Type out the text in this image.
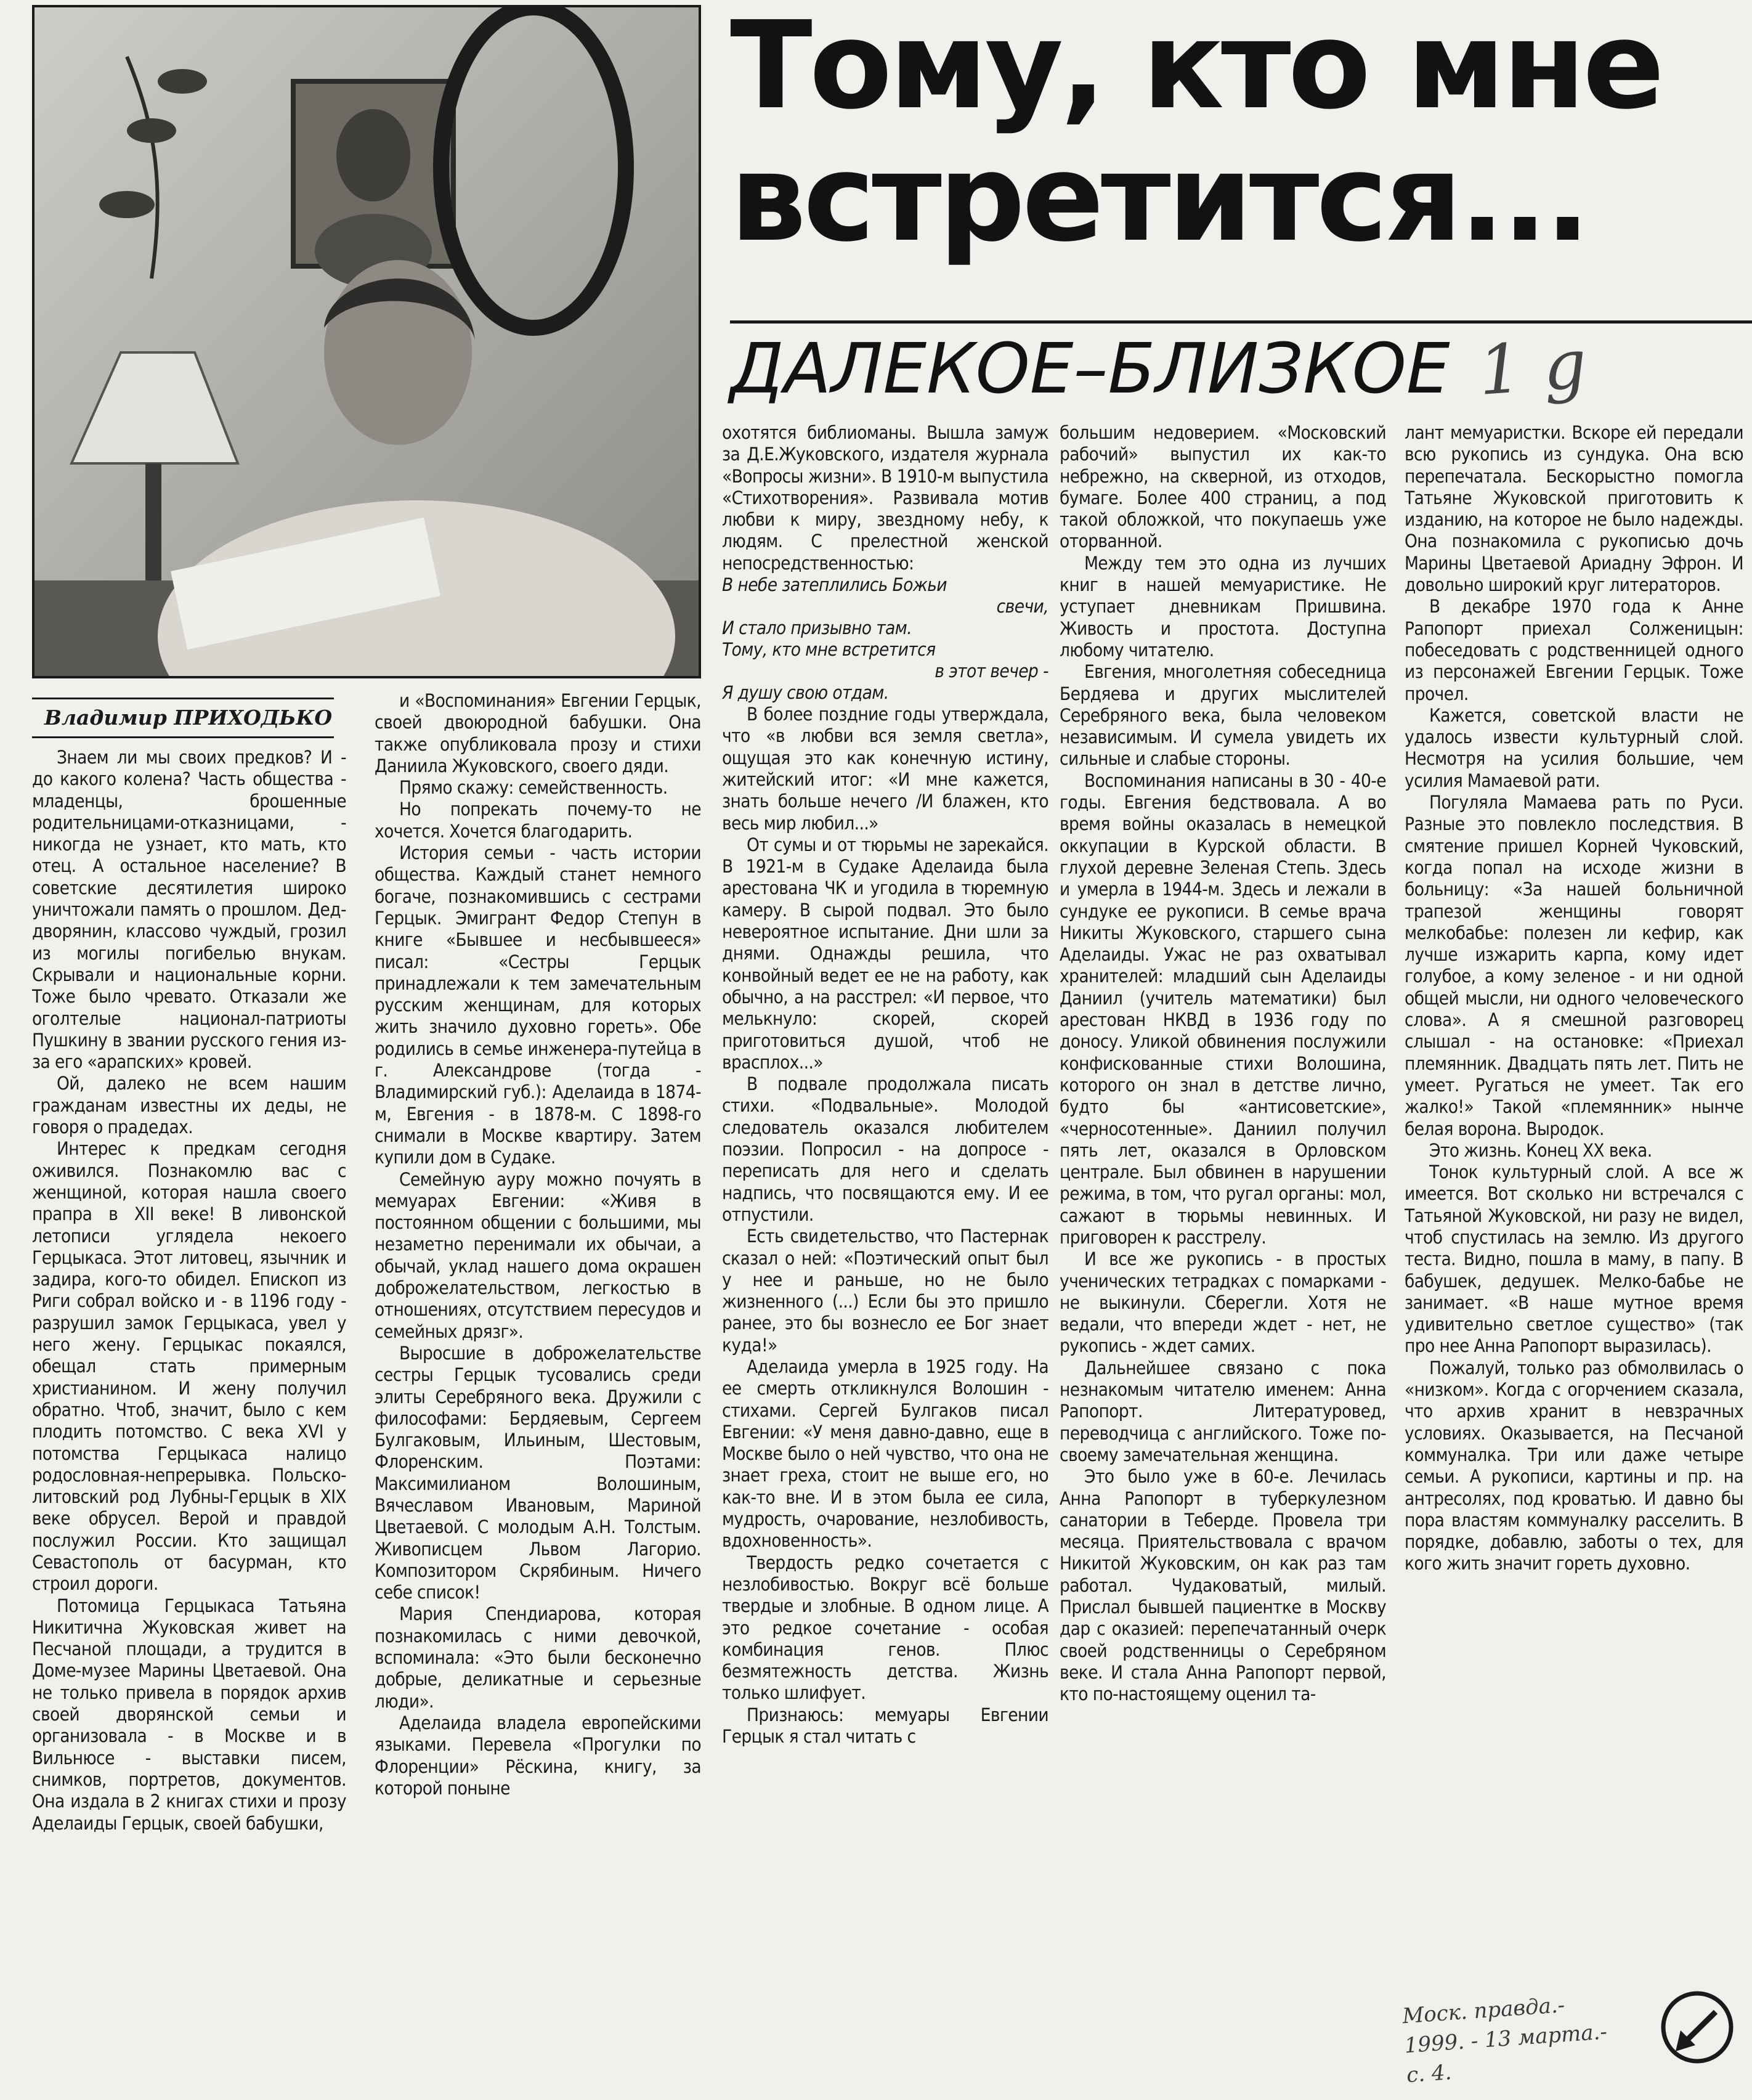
Тому, кто мне
встретится...
ДАЛЕКОЕ–БЛИЗКОЕ 1 g
Владимир ПРИХОДЬКО

Знаем ли мы своих предков? И - до какого колена? Часть общества - младенцы, брошенные родительницами-отказницами, - никогда не узнает, кто мать, кто отец. А остальное население? В советские десятилетия широко уничтожали память о прошлом. Дед-дворянин, классово чуждый, грозил из могилы погибелью внукам. Скрывали и национальные корни. Тоже было чревато. Отказали же оголтелые национал-патриоты Пушкину в звании русского гения из-за его «арапских» кровей.

Ой, далеко не всем нашим гражданам известны их деды, не говоря о прадедах.

Интерес к предкам сегодня оживился. Познакомлю вас с женщиной, которая нашла своего прапра в XII веке! В ливонской летописи углядела некоего Герцыкаса. Этот литовец, язычник и задира, кого-то обидел. Епископ из Риги собрал войско и - в 1196 году - разрушил замок Герцыкаса, увел у него жену. Герцыкас покаялся, обещал стать примерным христианином. И жену получил обратно. Чтоб, значит, было с кем плодить потомство. С века XVI у потомства Герцыкаса налицо родословная-непрерывка. Польско-литовский род Лубны-Герцык в XIX веке обрусел. Верой и правдой послужил России. Кто защищал Севастополь от басурман, кто строил дороги.

Потомица Герцыкаса Татьяна Никитична Жуковская живет на Песчаной площади, а трудится в Доме-музее Марины Цветаевой. Она не только привела в порядок архив своей дворянской семьи и организовала - в Москве и в Вильнюсе - выставки писем, снимков, портретов, документов. Она издала в 2 книгах стихи и прозу Аделаиды Герцык, своей бабушки,

и «Воспоминания» Евгении Герцык, своей двоюродной бабушки. Она также опубликовала прозу и стихи Даниила Жуковского, своего дяди.

Прямо скажу: семейственность.

Но попрекать почему-то не хочется. Хочется благодарить.

История семьи - часть истории общества. Каждый станет немного богаче, познакомившись с сестрами Герцык. Эмигрант Федор Степун в книге «Бывшее и несбывшееся» писал: «Сестры Герцык принадлежали к тем замечательным русским женщинам, для которых жить значило духовно гореть». Обе родились в семье инженера-путейца в г. Александрове (тогда - Владимирский губ.): Аделаида в 1874-м, Евгения - в 1878-м. С 1898-го снимали в Москве квартиру. Затем купили дом в Судаке.

Семейную ауру можно почуять в мемуарах Евгении: «Живя в постоянном общении с большими, мы незаметно перенимали их обычаи, а обычай, уклад нашего дома окрашен доброжелательством, легкостью в отношениях, отсутствием пересудов и семейных дрязг».

Выросшие в доброжелательстве сестры Герцык тусовались среди элиты Серебряного века. Дружили с философами: Бердяевым, Сергеем Булгаковым, Ильиным, Шестовым, Флоренским. Поэтами: Максимилианом Волошиным, Вячеславом Ивановым, Мариной Цветаевой. С молодым А.Н. Толстым. Живописцем Львом Лагорио. Композитором Скрябиным. Ничего себе список!

Мария Спендиарова, которая познакомилась с ними девочкой, вспоминала: «Это были бесконечно добрые, деликатные и серьезные люди».

Аделаида владела европейскими языками. Перевела «Прогулки по Флоренции» Рёскина, книгу, за которой поныне

охотятся библиоманы. Вышла замуж за Д.Е.Жуковского, издателя журнала «Вопросы жизни». В 1910-м выпустила «Стихотворения». Развивала мотив любви к миру, звездному небу, к людям. С прелестной женской непосредственностью:

В небе затеплились Божьи

свечи,

И стало призывно там.

Тому, кто мне встретится

в этот вечер -

Я душу свою отдам.

В более поздние годы утверждала, что «в любви вся земля светла», ощущая это как конечную истину, житейский итог: «И мне кажется, знать больше нечего /И блажен, кто весь мир любил...»

От сумы и от тюрьмы не зарекайся. В 1921-м в Судаке Аделаида была арестована ЧК и угодила в тюремную камеру. В сырой подвал. Это было невероятное испытание. Дни шли за днями. Однажды решила, что конвойный ведет ее не на работу, как обычно, а на расстрел: «И первое, что мелькнуло: скорей, скорей приготовиться душой, чтоб не врасплох...»

В подвале продолжала писать стихи. «Подвальные». Молодой следователь оказался любителем поэзии. Попросил - на допросе - переписать для него и сделать надпись, что посвящаются ему. И ее отпустили.

Есть свидетельство, что Пастернак сказал о ней: «Поэтический опыт был у нее и раньше, но не было жизненного (...) Если бы это пришло ранее, это бы вознесло ее Бог знает куда!»

Аделаида умерла в 1925 году. На ее смерть откликнулся Волошин - стихами. Сергей Булгаков писал Евгении: «У меня давно-давно, еще в Москве было о ней чувство, что она не знает греха, стоит не выше его, но как-то вне. И в этом была ее сила, мудрость, очарование, незлобивость, вдохновенность».

Твердость редко сочетается с незлобивостью. Вокруг всё больше твердые и злобные. В одном лице. А это редкое сочетание - особая комбинация генов. Плюс безмятежность детства. Жизнь только шлифует.

Признаюсь: мемуары Евгении Герцык я стал читать с

большим недоверием. «Московский рабочий» выпустил их как-то небрежно, на скверной, из отходов, бумаге. Более 400 страниц, а под такой обложкой, что покупаешь уже оторванной.

Между тем это одна из лучших книг в нашей мемуаристике. Не уступает дневникам Пришвина. Живость и простота. Доступна любому читателю.

Евгения, многолетняя собеседница Бердяева и других мыслителей Серебряного века, была человеком независимым. И сумела увидеть их сильные и слабые стороны.

Воспоминания написаны в 30 - 40-е годы. Евгения бедствовала. А во время войны оказалась в немецкой оккупации в Курской области. В глухой деревне Зеленая Степь. Здесь и умерла в 1944-м. Здесь и лежали в сундуке ее рукописи. В семье врача Никиты Жуковского, старшего сына Аделаиды. Ужас не раз охватывал хранителей: младший сын Аделаиды Даниил (учитель математики) был арестован НКВД в 1936 году по доносу. Уликой обвинения послужили конфискованные стихи Волошина, которого он знал в детстве лично, будто бы «антисоветские», «черносотенные». Даниил получил пять лет, оказался в Орловском централе. Был обвинен в нарушении режима, в том, что ругал органы: мол, сажают в тюрьмы невинных. И приговорен к расстрелу.

И все же рукопись - в простых ученических тетрадках с помарками - не выкинули. Сберегли. Хотя не ведали, что впереди ждет - нет, не рукопись - ждет самих.

Дальнейшее связано с пока незнакомым читателю именем: Анна Рапопорт. Литературовед, переводчица с английского. Тоже по-своему замечательная женщина.

Это было уже в 60-е. Лечилась Анна Рапопорт в туберкулезном санатории в Теберде. Провела три месяца. Приятельствовала с врачом Никитой Жуковским, он как раз там работал. Чудаковатый, милый. Прислал бывшей пациентке в Москву дар с оказией: перепечатанный очерк своей родственницы о Серебряном веке. И стала Анна Рапопорт первой, кто по-настоящему оценил та-

лант мемуаристки. Вскоре ей передали всю рукопись из сундука. Она всю перепечатала. Бескорыстно помогла Татьяне Жуковской приготовить к изданию, на которое не было надежды. Она познакомила с рукописью дочь Марины Цветаевой Ариадну Эфрон. И довольно широкий круг литераторов.

В декабре 1970 года к Анне Рапопорт приехал Солженицын: побеседовать с родственницей одного из персонажей Евгении Герцык. Тоже прочел.

Кажется, советской власти не удалось извести культурный слой. Несмотря на усилия большие, чем усилия Мамаевой рати.

Погуляла Мамаева рать по Руси. Разные это повлекло последствия. В смятение пришел Корней Чуковский, когда попал на исходе жизни в больницу: «За нашей больничной трапезой женщины говорят мелкобабье: полезен ли кефир, как лучше изжарить карпа, кому идет голубое, а кому зеленое - и ни одной общей мысли, ни одного человеческого слова». А я смешной разговорец слышал - на остановке: «Приехал племянник. Двадцать пять лет. Пить не умеет. Ругаться не умеет. Так его жалко!» Такой «племянник» нынче белая ворона. Выродок.

Это жизнь. Конец XX века.

Тонок культурный слой. А все ж имеется. Вот сколько ни встречался с Татьяной Жуковской, ни разу не видел, чтоб спустилась на землю. Из другого теста. Видно, пошла в маму, в папу. В бабушек, дедушек. Мелко-бабье не занимает. «В наше мутное время удивительно светлое существо» (так про нее Анна Рапопорт выразилась).

Пожалуй, только раз обмолвилась о «низком». Когда с огорчением сказала, что архив хранит в невзрачных условиях. Оказывается, на Песчаной коммуналка. Три или даже четыре семьи. А рукописи, картины и пр. на антресолях, под кроватью. И давно бы пора властям коммуналку расселить. В порядке, добавлю, заботы о тех, для кого жить значит гореть духовно.

Моск. правда.-
1999. - 13 марта.-
с. 4.
